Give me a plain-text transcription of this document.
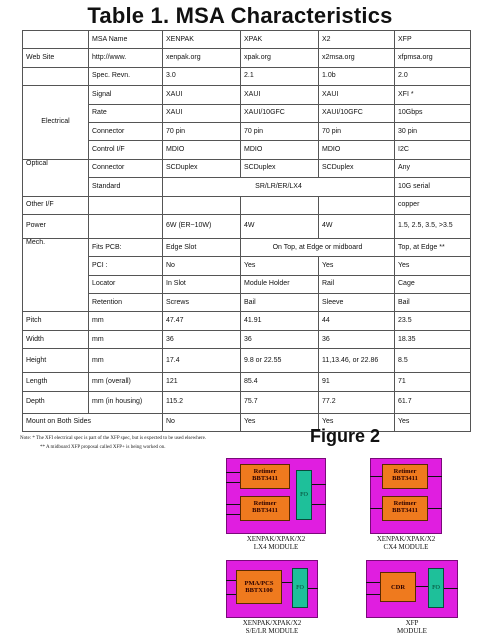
Table 1. MSA Characteristics
	MSA Name	XENPAK	XPAK	X2	XFP
Web Site	http://www.	xenpak.org	xpak.org	x2msa.org	xfpmsa.org
	Spec. Revn.	3.0	2.1	1.0b	2.0
Electrical	Signal	XAUI	XAUI	XAUI	XFI *
	Rate	XAUI	XAUI/10GFC	XAUI/10GFC	10Gbps
	Connector	70 pin	70 pin	70 pin	30 pin
	Control I/F	MDIO	MDIO	MDIO	I2C
Optical	Connector	SCDuplex	SCDuplex	SCDuplex	Any
	Standard	SR/LR/ER/LX4			10G serial
Other I/F					copper
Power		6W (ER~10W)	4W	4W	1.5, 2.5, 3.5, >3.5
Mech.	Fits PCB:	Edge Slot	On Top, at Edge or midboard		Top, at Edge **
	PCI :	No	Yes	Yes	Yes
	Locator	In Slot	Module Holder	Rail	Cage
	Retention	Screws	Bail	Sleeve	Bail
Pitch	mm	47.47	41.91	44	23.5
Width	mm	36	36	36	18.35
Height	mm	17.4	9.8 or 22.55	11,13.46, or 22.86	8.5
Length	mm (overall)	121	85.4	91	71
Depth	mm (in housing)	115.2	75.7	77.2	61.7
Mount on Both Sides		No	Yes	Yes	Yes
Note: * The XFI electrical spec is part of the XFP spec, but is expected to be used elsewhere.
** A midboard XFP proposal called XFP+ is being worked on.
Figure 2
Retimer BBT3411
Retimer BBT3411
FO
XENPAK/XPAK/X2
LX4 MODULE
Retimer BBT3411
Retimer BBT3411
XENPAK/XPAK/X2
CX4 MODULE
PMA/PCS BBTX100	FO
XENPAK/XPAK/X2
S/E/LR MODULE
CDR	FO
XFP
MODULE
